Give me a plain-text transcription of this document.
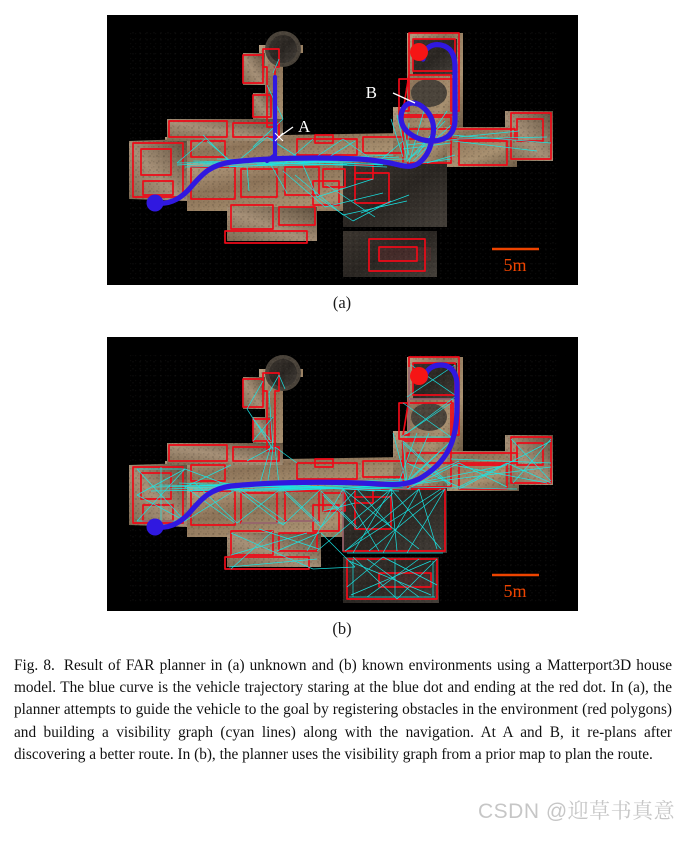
A
B
5m
(a)
5m
(b)
Fig. 8. Result of FAR planner in (a) unknown and (b) known environments using a Matterport3D house model. The blue curve is the vehicle trajectory staring at the blue dot and ending at the red dot. In (a), the planner attempts to guide the vehicle to the goal by registering obstacles in the environment (red polygons) and building a visibility graph (cyan lines) along with the navigation. At A and B, it re-plans after discovering a better route. In (b), the planner uses the visibility graph from a prior map to plan the route.
CSDN @迎草书真意
